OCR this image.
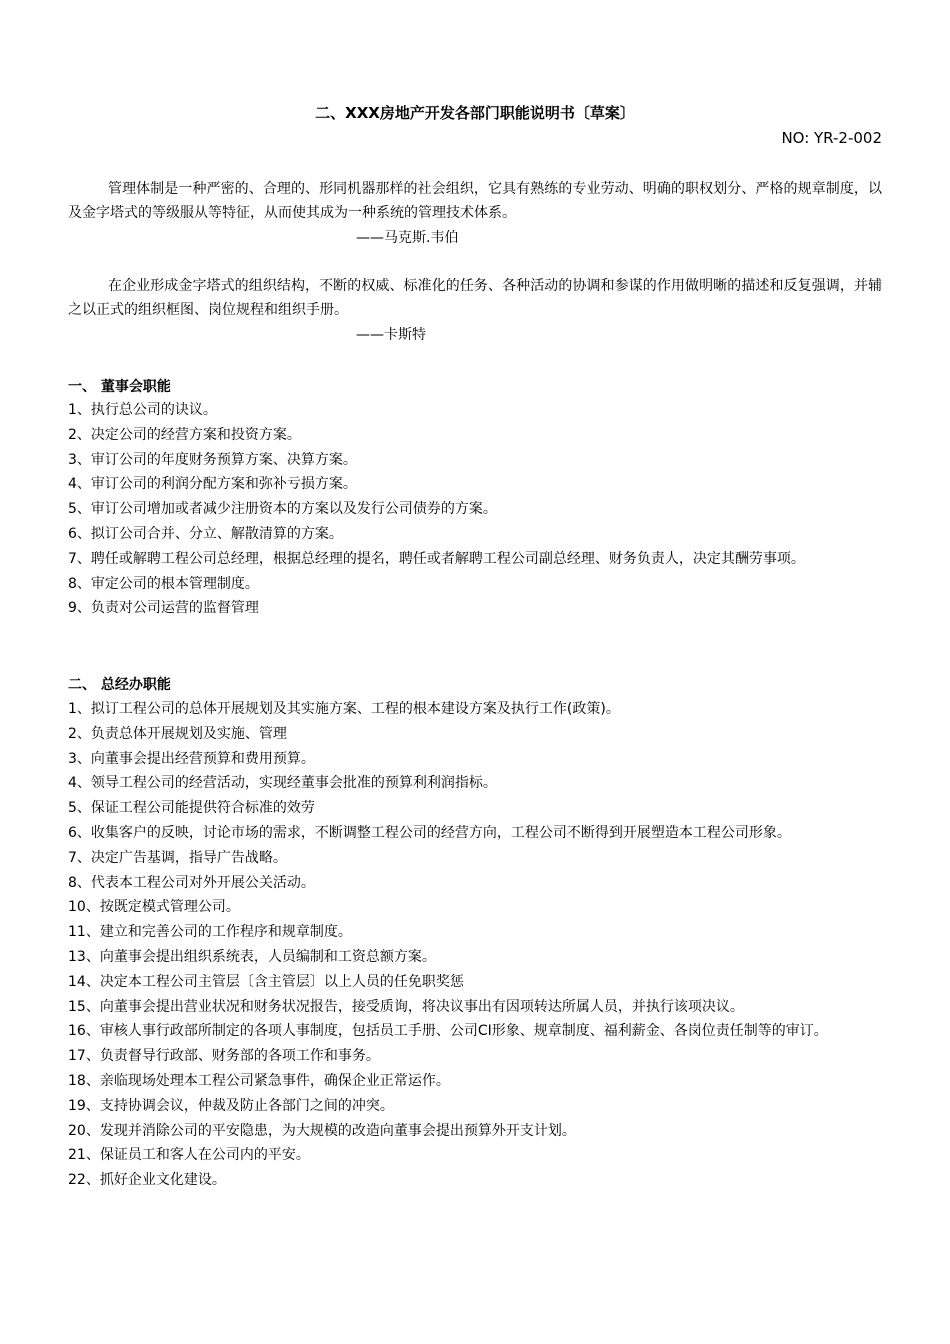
二、XXX房地产开发各部门职能说明书〔草案〕
NO: YR-2-002
管理体制是一种严密的、合理的、形同机器那样的社会组织，它具有熟练的专业劳动、明确的职权划分、严格的规章制度，以及金字塔式的等级服从等特征，从而使其成为一种系统的管理技术体系。
——马克斯.韦伯
在企业形成金字塔式的组织结构，不断的权威、标准化的任务、各种活动的协调和参谋的作用做明晰的描述和反复强调，并辅之以正式的组织框图、岗位规程和组织手册。
——卡斯特
一、 董事会职能
1、 执行总公司的诀议。
2、 决定公司的经营方案和投资方案。
3、 审订公司的年度财务预算方案、决算方案。
4、 审订公司的利润分配方案和弥补亏损方案。
5、 审订公司增加或者减少注册资本的方案以及发行公司债券的方案。
6、 拟订公司合并、分立、解散清算的方案。
7、 聘任或解聘工程公司总经理，根据总经理的提名，聘任或者解聘工程公司副总经理、财务负责人，决定其酬劳事项。
8、 审定公司的根本管理制度。
9、 负责对公司运营的监督管理
二、 总经办职能
1、 拟订工程公司的总体开展规划及其实施方案、工程的根本建设方案及执行工作(政策)。
2、 负责总体开展规划及实施、管理
3、 向董事会提出经营预算和费用预算。
4、 领导工程公司的经营活动，实现经董事会批准的预算利利润指标。
5、 保证工程公司能提供符合标准的效劳
6、 收集客户的反映，讨论市场的需求，不断调整工程公司的经营方向，工程公司不断得到开展塑造本工程公司形象。
7、 决定广告基调，指导广告战略。
8、 代表本工程公司对外开展公关活动。
10、 按既定模式管理公司。
11、 建立和完善公司的工作程序和规章制度。
13、 向董事会提出组织系统表，人员编制和工资总额方案。
14、 决定本工程公司主管层〔含主管层〕以上人员的任免职奖惩
15、 向董事会提出营业状况和财务状况报告，接受质询，将决议事出有因项转达所属人员，并执行该项决议。
16、 审核人事行政部所制定的各项人事制度，包括员工手册、公司CI形象、规章制度、福利薪金、各岗位责任制等的审订。
17、 负责督导行政部、财务部的各项工作和事务。
18、 亲临现场处理本工程公司紧急事件，确保企业正常运作。
19、 支持协调会议，仲裁及防止各部门之间的冲突。
20、 发现并消除公司的平安隐患，为大规模的改造向董事会提出预算外开支计划。
21、 保证员工和客人在公司内的平安。
22、 抓好企业文化建设。
